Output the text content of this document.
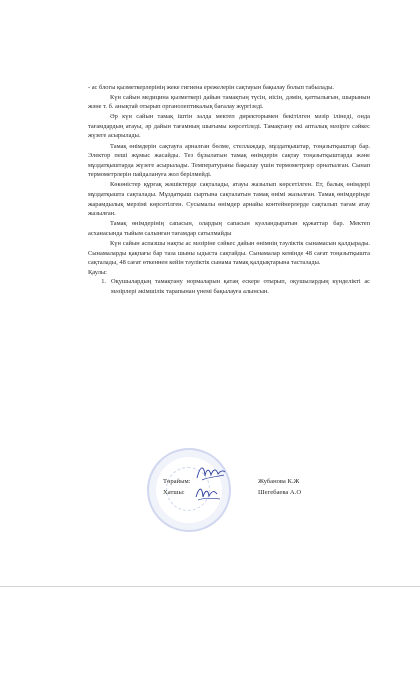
- ас блогы қызметкерлерінің жеке гигиена ережелерін сақтауын бақылау болып табылады.

Күн сайын медицина қызметкері дайын тамақтың түсін, иісін, дәмін, қаттылығын, шырынын және т. б. анықтай отырып органолептикалық бағалау жүргізеді.

Әр күн сайын тамақ іштін залда мектеп директорымен бекітілген мәзір ілінеді, онда тағамдардың атауы, әр дайын тағамның шығымы көрсетіледі. Тамақтану екі апталық мәзірге сәйкес жүзеге асырылады.

Тамақ өнімдерін сақтауға арналған бөлме, стеллаждар, мұздатқыштар, тоңазытқыштар бар. Электор пеші жұмыс жасайды. Тез бұзылатын тамақ өнімдерін сақтау тоңазытқыштарда және мұздатқыштарда жүзеге асырылады. Температураны бақылау үшін термометрлер орнатылған. Сынап термометрлерін пайдалануға жол берілмейді.

Көкөністер құрғақ жәшіктерде сақталады, атауы жазылып көрсетілген. Ет, балық өнімдері мұздатқышта сақталады. Мұздатқыш сыртына сақталатын тамақ өнімі жазылған. Тамақ өнімдерінде жарамдылық мерзімі көрсетілген. Сусымалы өнімдер арнайы контейнерлерде сақталып тағам атау жазылған.

Тамақ өнімдерінің сапасын, олардың сапасын куәландыратын құжаттар бар. Мектеп асханасында тыйым салынған тағамдар сатылмайды

Күн сайын аспазшы нақты ас мәзіріне сәйкес дайын өнімнің тәуліктік сынамасын қалдырады. Сынамаларды қақпағы бар таза шыны ыдыста сақтайды. Сынамалар кемінде 48 сағат тоңазытқышта сақталады, 48 сағат өткеннен кейін тәуліктік сынама тамақ қалдықтарына тасталады.

Қаулы:

1. Оқушылардың тамақтану нормаларын қатаң ескере отырып, оқушылардың күнделікті ас мәзірлері әкімшілік тарапынан үнемі бақылауға алынсын.
Төрайым:	Жубанова К.Ж
Хатшы:	Шегебаева А.О
